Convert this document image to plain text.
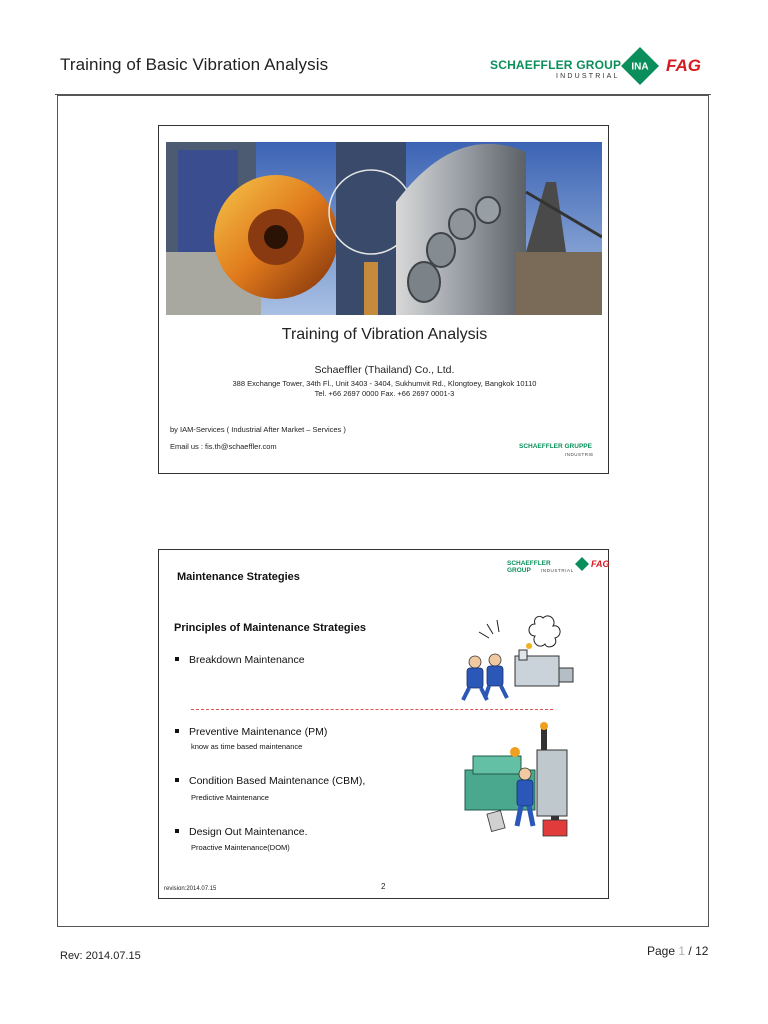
Training of Basic Vibration Analysis	SCHAEFFLER GROUP
INDUSTRIAL
INA FAG
Training of Vibration Analysis
Schaeffler (Thailand) Co., Ltd.
388 Exchange Tower, 34th Fl., Unit 3403 - 3404, Sukhumvit Rd., Klongtoey, Bangkok 10110
Tel. +66 2697 0000 Fax. +66 2697 0001-3
by IAM-Services ( Industrial After Market – Services )
Email us : fis.th@schaeffler.com	SCHAEFFLER GRUPPE
INDUSTRIE
SCHAEFFLER GROUP	INDUSTRIAL
FAG
Maintenance Strategies
Principles of Maintenance Strategies
Breakdown Maintenance
Preventive Maintenance (PM)
know as time based maintenance
Condition Based Maintenance (CBM),
Predictive Maintenance
Design Out Maintenance.
Proactive Maintenance(DOM)
revision:2014.07.15	2
Rev: 2014.07.15	Page 1 / 12
